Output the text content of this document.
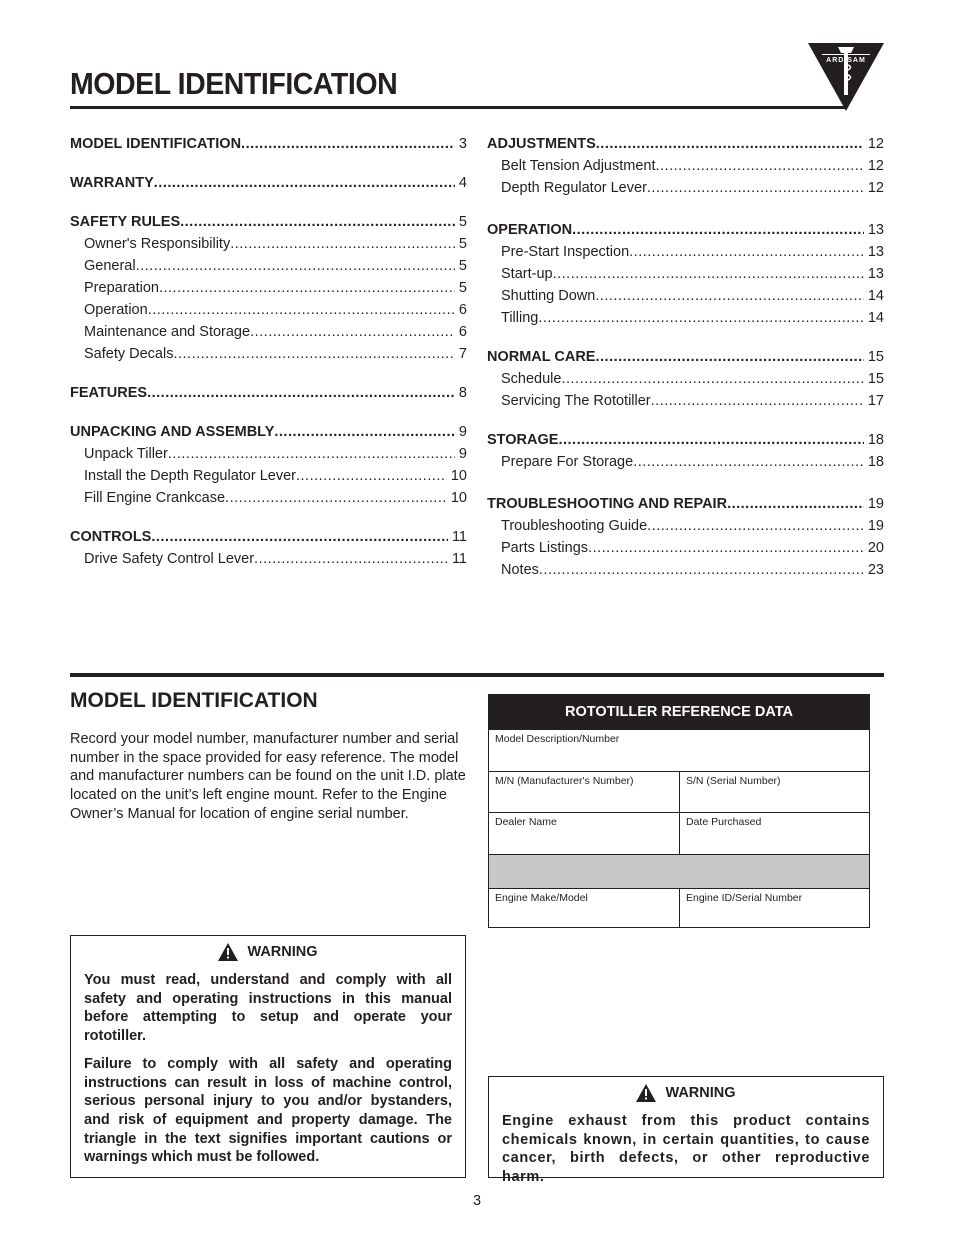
MODEL IDENTIFICATION
ARDISAM
MODEL IDENTIFICATION .....	3
WARRANTY .....	4
SAFETY RULES .....	5
Owner's Responsibility .....	5
General .....	5
Preparation .....	5
Operation .....	6
Maintenance and Storage .....	6
Safety Decals .....	7
FEATURES .....	8
UNPACKING AND ASSEMBLY .....	9
Unpack Tiller .....	9
Install the Depth Regulator Lever .....	10
Fill Engine Crankcase .....	10
CONTROLS .....	11
Drive Safety Control Lever .....	11
ADJUSTMENTS .....	12
Belt Tension Adjustment .....	12
Depth Regulator Lever .....	12
OPERATION .....	13
Pre-Start Inspection .....	13
Start-up .....	13
Shutting Down .....	14
Tilling .....	14
NORMAL CARE .....	15
Schedule .....	15
Servicing The Rototiller .....	17
STORAGE .....	18
Prepare For Storage .....	18
TROUBLESHOOTING AND REPAIR .....	19
Troubleshooting Guide .....	19
Parts Listings .....	20
Notes .....	23
MODEL IDENTIFICATION

Record your model number, manufacturer number and serial number in the space provided for easy reference. The model and manufacturer numbers can be found on the unit I.D. plate located on the unit’s left engine mount. Refer to the Engine Owner’s Manual for location of engine serial number.

ROTOTILLER REFERENCE DATA
Model Description/Number
M/N (Manufacturer's Number)	S/N (Serial Number)
Dealer Name	Date Purchased
Engine Make/Model	Engine ID/Serial Number
WARNING

You must read, understand and comply with all safety and operating instructions in this manual before attempting to setup and operate your rototiller.

Failure to comply with all safety and operating instructions can result in loss of machine control, serious personal injury to you and/or bystanders, and risk of equipment and property damage. The triangle in the text signifies important cautions or warnings which must be followed.

WARNING

Engine exhaust from this product contains chemicals known, in certain quantities, to cause cancer, birth defects, or other reproductive harm.

3
